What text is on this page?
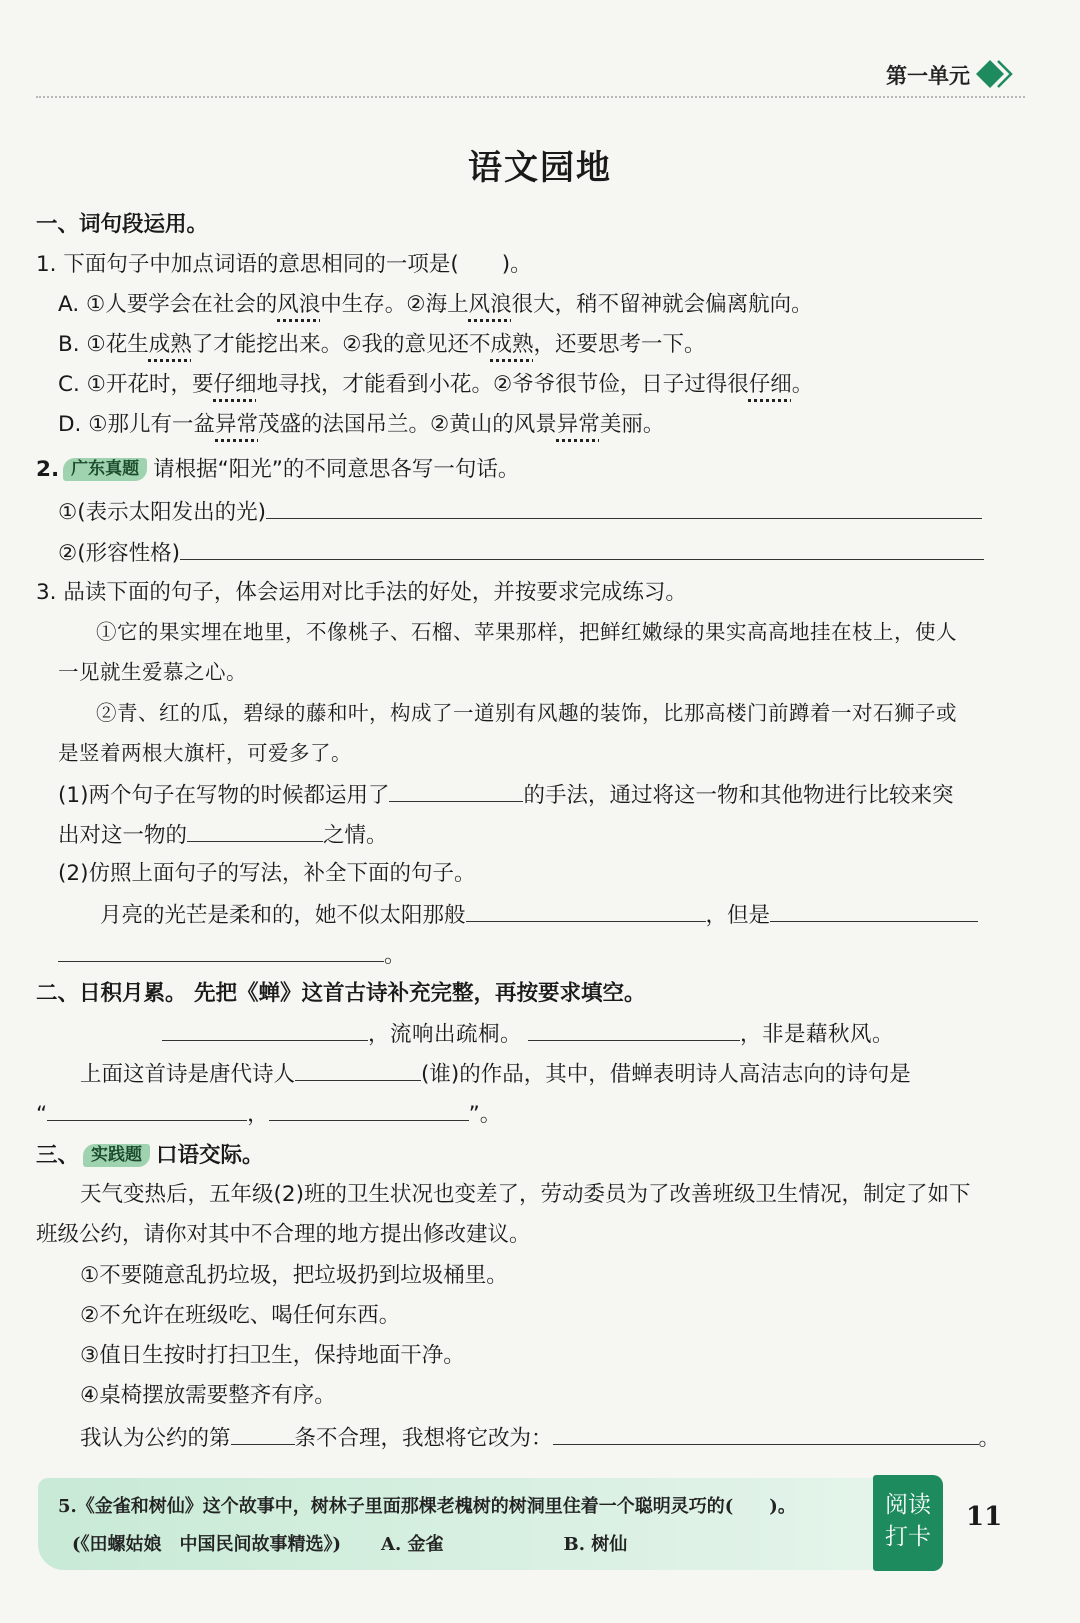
第一单元
语文园地
一、词句段运用。
1. 下面句子中加点词语的意思相同的一项是(　　)。
A. ①人要学会在社会的风浪中生存。②海上风浪很大，稍不留神就会偏离航向。
B. ①花生成熟了才能挖出来。②我的意见还不成熟，还要思考一下。
C. ①开花时，要仔细地寻找，才能看到小花。②爷爷很节俭，日子过得很仔细。
D. ①那儿有一盆异常茂盛的法国吊兰。②黄山的风景异常美丽。
2. 广东真题 请根据“阳光”的不同意思各写一句话。
①(表示太阳发出的光)
②(形容性格)
3. 品读下面的句子，体会运用对比手法的好处，并按要求完成练习。
①它的果实埋在地里，不像桃子、石榴、苹果那样，把鲜红嫩绿的果实高高地挂在枝上，使人
一见就生爱慕之心。
②青、红的瓜，碧绿的藤和叶，构成了一道别有风趣的装饰，比那高楼门前蹲着一对石狮子或
是竖着两根大旗杆，可爱多了。
(1)两个句子在写物的时候都运用了	的手法，通过将这一物和其他物进行比较来突
出对这一物的	之情。
(2)仿照上面句子的写法，补全下面的句子。
月亮的光芒是柔和的，她不似太阳那般	，但是
。
二、日积月累。 先把《蝉》这首古诗补充完整，再按要求填空。
，流响出疏桐。	，非是藉秋风。
上面这首诗是唐代诗人	(谁)的作品，其中，借蝉表明诗人高洁志向的诗句是
“	，	”。
三、 实践题 口语交际。
天气变热后，五年级(2)班的卫生状况也变差了，劳动委员为了改善班级卫生情况，制定了如下
班级公约，请你对其中不合理的地方提出修改建议。
①不要随意乱扔垃圾，把垃圾扔到垃圾桶里。
②不允许在班级吃、喝任何东西。
③值日生按时打扫卫生，保持地面干净。
④桌椅摆放需要整齐有序。
我认为公约的第	条不合理，我想将它改为：	。
5.《金雀和树仙》这个故事中，树林子里面那棵老槐树的树洞里住着一个聪明灵巧的(　　)。
(《田螺姑娘　中国民间故事精选》) A. 金雀	B. 树仙
阅读
打卡
11
